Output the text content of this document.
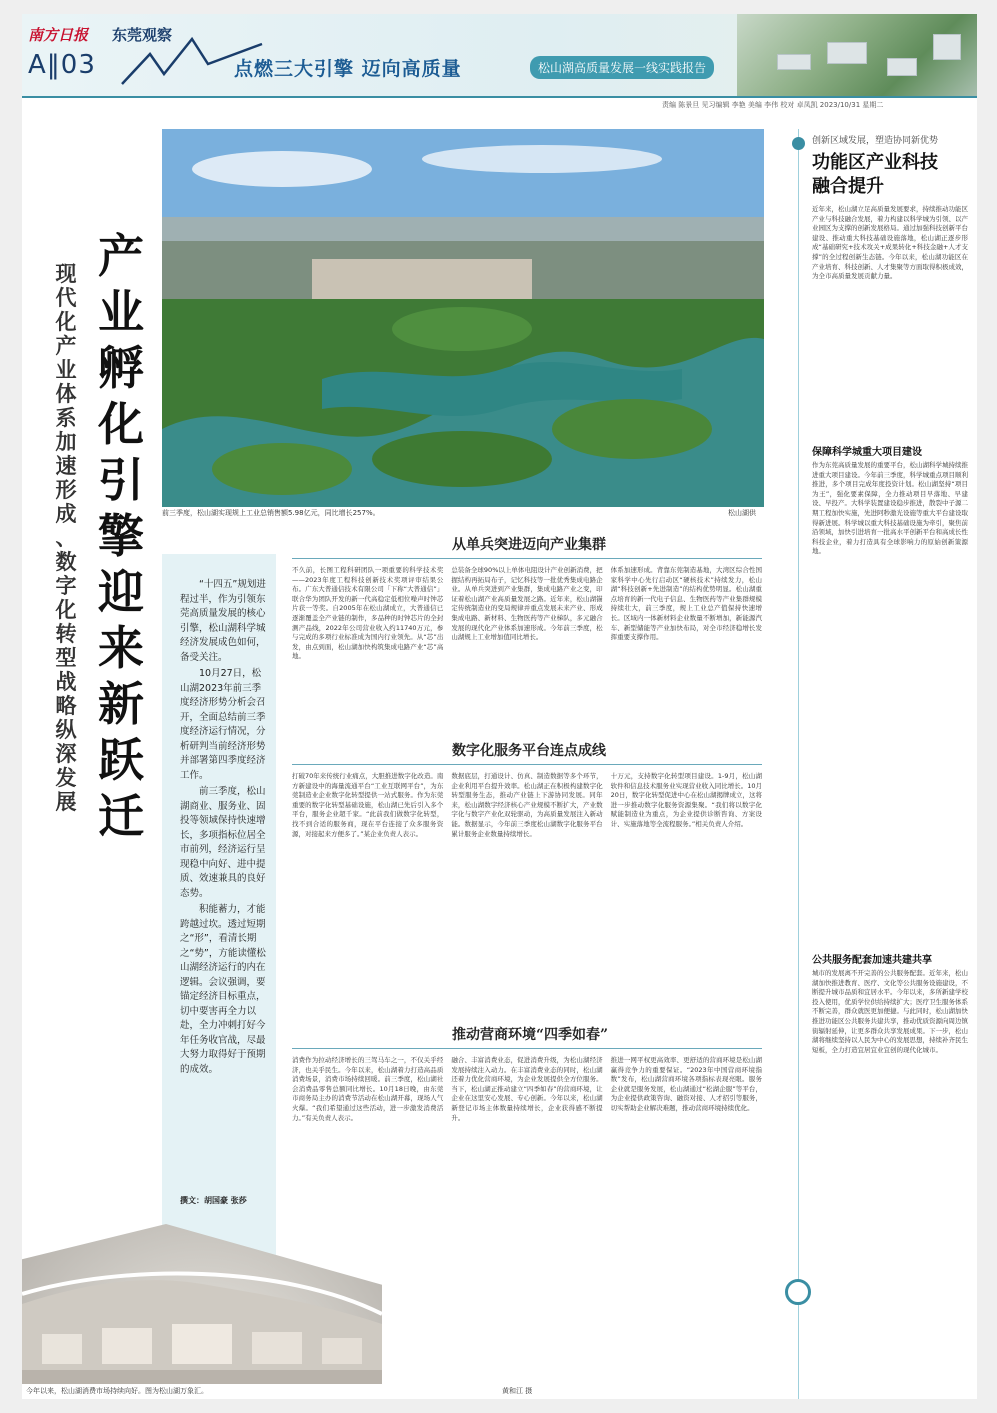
南方日报 东莞观察
A‖03	点燃三大引擎 迈向高质量	松山湖高质量发展一线实践报告
责编 陈景旦 见习编辑 李艳 美编 李伟 校对 卓凤凯 2023/10/31 星期二
前三季度，松山湖实现规上工业总销售额5.98亿元，同比增长257%。	松山湖供
产
业
孵
化
引
擎
迎
来
新
跃
迁
现
代
化
产
业
体
系
加
速
形
成
、
数
字
化
转
型
战
略
纵
深
发
展

“十四五”规划进程过半，作为引领东莞高质量发展的核心引擎，松山湖科学城经济发展成色如何，备受关注。

10月27日，松山湖2023年前三季度经济形势分析会召开，全面总结前三季度经济运行情况，分析研判当前经济形势并部署第四季度经济工作。

前三季度，松山湖商业、服务业、固投等领域保持快速增长，多项指标位居全市前列，经济运行呈现稳中向好、进中提质、效速兼具的良好态势。

积能蓄力，才能跨越过坎。透过短期之“形”，看清长期之“势”，方能读懂松山湖经济运行的内在逻辑。会议强调，要锚定经济目标重点，切中要害再全力以赴，全力冲刺打好今年任务收官战，尽最大努力取得好于预期的成效。

撰文：胡国豪 张莎
从单兵突进迈向产业集群
不久前，长图工程科研团队一项重要的科学技术奖——2023年度工程科技创新技术奖项评审结果公布。广东大普通信技术有限公司「下称“大普通信”」联合华为团队开发的新一代高稳定低相位噪声时钟芯片获一等奖。自2005年在松山湖成立，大普通信已逐渐覆盖全产业链的制作，多品种的时钟芯片的全封测产品线，2022年公司营业收入约11740万元，参与完成的多项行业标准成为国内行业领先。从“芯”出发，由点到面，松山湖加快构筑集成电路产业“芯”高地。
总装备全球90%以上单体电阻设计产业创新消费，把握结构再拓局布子，记忆科技等一批优秀集成电路企业。从单兵突进到产业集群，集成电路产业之变，印证着松山湖产业高质量发展之路。近年来，松山湖锚定传统制造业的变局规律并重点发展未来产业、形成集成电路、新材料、生物医药等产业梯队，多元融合发展的现代化产业体系加速形成。今年前三季度，松山湖规上工业增加值同比增长。
体系加速形成。背靠东莞制造基地，大湾区综合性国家科学中心先行启动区“硬核技术”持续发力，松山湖“科技创新+先进制造”的结构优势明显。松山湖重点培育的新一代电子信息、生物医药等产业集群规模持续壮大，前三季度，规上工业总产值保持快速增长。区域内一体新材料企业数量不断增加，新能源汽车、新型储能等产业加快布局，对全市经济稳增长发挥重要支撑作用。
数字化服务平台连点成线
打破70年来传统行业痛点，大胆推进数字化改造。南方新建设中的海量流通平台“工业互联网平台”，为东莞制造业企业数字化转型提供一站式服务。作为东莞重要的数字化转型基础设施，松山湖已先后引入多个平台，服务企业超千家。“此前我们做数字化转型，找不到合适的服务商，现在平台连接了众多服务资源，对接起来方便多了。”某企业负责人表示。
数据底层，打通设计、仿真、制造数据等多个环节，企业利用平台提升效率。松山湖正在积极构建数字化转型服务生态，推动产业链上下游协同发展。同年来，松山湖数字经济核心产业规模不断扩大，产业数字化与数字产业化双轮驱动，为高质量发展注入新动能。数据显示，今年前三季度松山湖数字化服务平台累计服务企业数量持续增长。
十万元，支持数字化转型项目建设。1-9月，松山湖软件和信息技术服务业实现营业收入同比增长。10月20日，数字化转型促进中心在松山湖揭牌成立，这将进一步推动数字化服务资源集聚。“我们将以数字化赋能制造业为重点，为企业提供诊断咨询、方案设计、实施落地等全流程服务。”相关负责人介绍。
推动营商环境“四季如春”
消费作为拉动经济增长的三驾马车之一，不仅关乎经济，也关乎民生。今年以来，松山湖着力打造高品质消费场景，消费市场持续回暖。前三季度，松山湖社会消费品零售总额同比增长。10月18日晚，由东莞市商务局主办的消费节活动在松山湖开幕，现场人气火爆。“我们希望通过这些活动，进一步激发消费活力。”有关负责人表示。
融合、丰富消费业态，促进消费升级，为松山湖经济发展持续注入动力。在丰富消费业态的同时，松山湖还着力优化营商环境，为企业发展提供全方位服务。当下，松山湖正推动建立“四季如春”的营商环境，让企业在这里安心发展、专心创新。今年以来，松山湖新登记市场主体数量持续增长，企业获得感不断提升。
推进一网平权更高效率、更舒适的营商环境是松山湖赢得竞争力的重要保证。“2023年中国营商环境指数”发布，松山湖营商环境各项指标表现亮眼。服务企业就是服务发展，松山湖通过“松湖企服”等平台，为企业提供政策咨询、融资对接、人才招引等服务，切实帮助企业解决难题，推动营商环境持续优化。
今年以来，松山湖消费市场持续向好。图为松山湖万象汇。	黄和江 摄
创新区域发展，塑造协同新优势
功能区产业科技
融合提升
近年来，松山湖立足高质量发展要求，持续推动功能区产业与科技融合发展，着力构建以科学城为引领、以产业园区为支撑的创新发展格局。通过加强科技创新平台建设、推动重大科技基础设施落地，松山湖正逐步形成“基础研究+技术攻关+成果转化+科技金融+人才支撑”的全过程创新生态链。今年以来，松山湖功能区在产业培育、科技创新、人才集聚等方面取得积极成效，为全市高质量发展贡献力量。
保障科学城重大项目建设
作为东莞高质量发展的重要平台，松山湖科学城持续推进重大项目建设。今年前三季度，科学城重点项目顺利推进，多个项目完成年度投资计划。松山湖坚持“项目为王”，强化要素保障，全力推动项目早落地、早建设、早投产。大科学装置建设稳步推进，散裂中子源二期工程加快实施，先进阿秒激光设施等重大平台建设取得新进展。科学城以重大科技基础设施为牵引，聚焦前沿领域，加快引进培育一批高水平创新平台和高成长性科技企业，着力打造具有全球影响力的原始创新策源地。
公共服务配套加速共建共享
城市的发展离不开完善的公共服务配套。近年来，松山湖加快推进教育、医疗、文化等公共服务设施建设，不断提升城市品质和宜居水平。今年以来，多所新建学校投入使用，优质学位供给持续扩大；医疗卫生服务体系不断完善，群众就医更加便捷。与此同时，松山湖加快推进功能区公共服务共建共享，推动优质资源向周边镇街辐射延伸，让更多群众共享发展成果。下一步，松山湖将继续坚持以人民为中心的发展思想，持续补齐民生短板，全力打造宜居宜业宜创的现代化城市。
